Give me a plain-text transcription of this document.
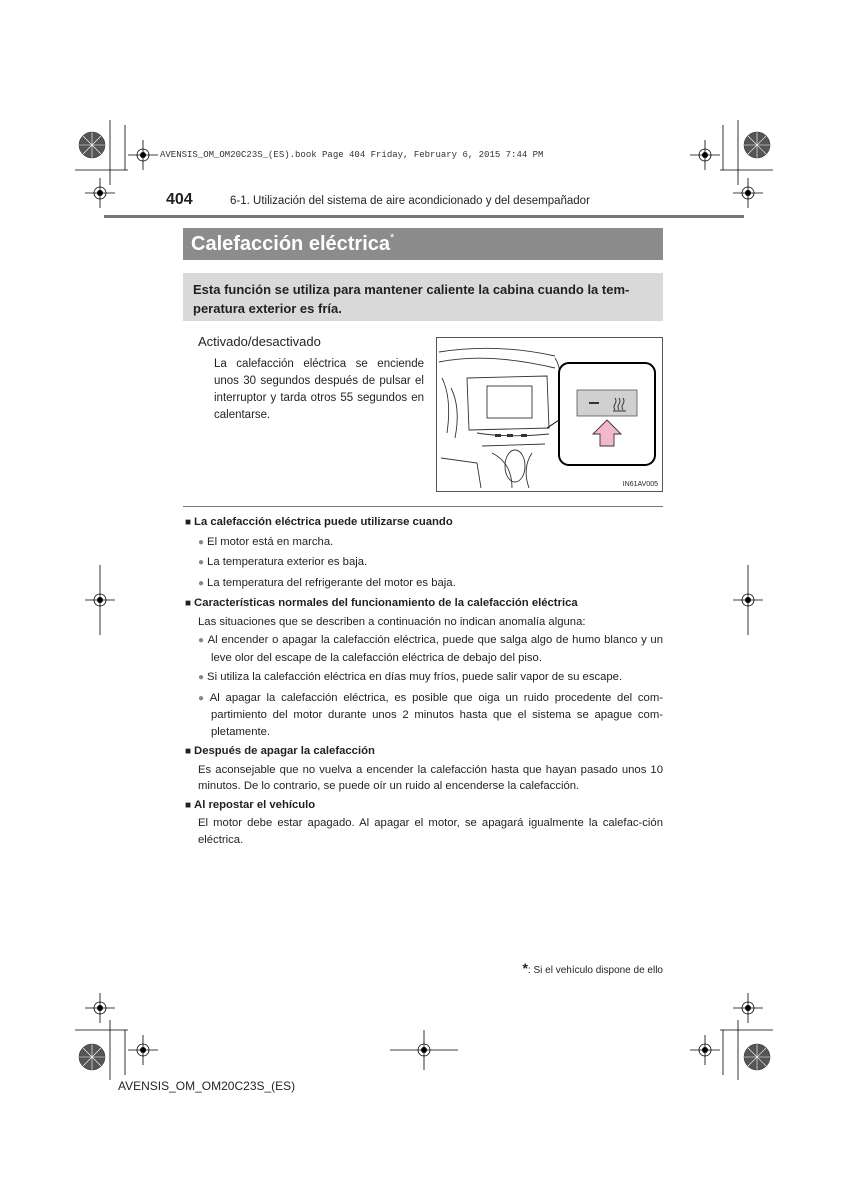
AVENSIS_OM_OM20C23S_(ES).book Page 404 Friday, February 6, 2015 7:44 PM
404	6-1. Utilización del sistema de aire acondicionado y del desempañador
Calefacción eléctrica*
Esta función se utiliza para mantener caliente la cabina cuando la tem-peratura exterior es fría.
Activado/desactivado
La calefacción eléctrica se enciende unos 30 segundos después de pulsar el interruptor y tarda otros 55 segundos en calentarse.
IN61AV005
■ La calefacción eléctrica puede utilizarse cuando
● El motor está en marcha.
● La temperatura exterior es baja.
● La temperatura del refrigerante del motor es baja.
■ Características normales del funcionamiento de la calefacción eléctrica
Las situaciones que se describen a continuación no indican anomalía alguna:
● Al encender o apagar la calefacción eléctrica, puede que salga algo de humo blanco y un leve olor del escape de la calefacción eléctrica de debajo del piso.
● Si utiliza la calefacción eléctrica en días muy fríos, puede salir vapor de su escape.
● Al apagar la calefacción eléctrica, es posible que oiga un ruido procedente del com-partimiento del motor durante unos 2 minutos hasta que el sistema se apague com-pletamente.
■ Después de apagar la calefacción
Es aconsejable que no vuelva a encender la calefacción hasta que hayan pasado unos 10 minutos. De lo contrario, se puede oír un ruido al encenderse la calefacción.
■ Al repostar el vehículo
El motor debe estar apagado. Al apagar el motor, se apagará igualmente la calefac-ción eléctrica.
*: Si el vehículo dispone de ello
AVENSIS_OM_OM20C23S_(ES)
